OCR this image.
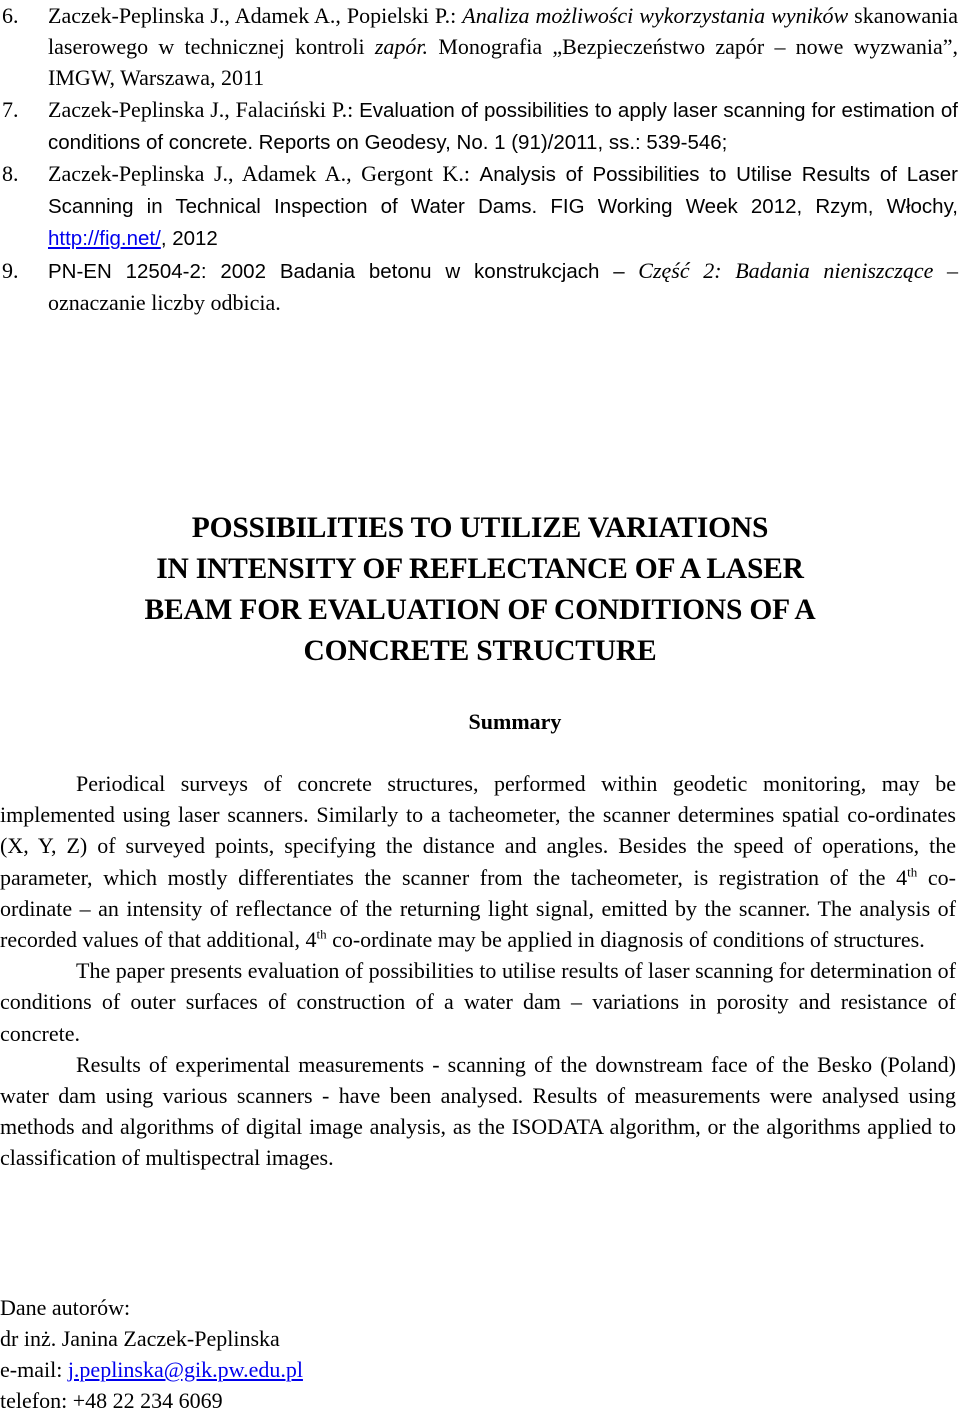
6. Zaczek-Peplinska J., Adamek A., Popielski P.: Analiza możliwości wykorzystania wyników skanowania laserowego w technicznej kontroli zapór. Monografia „Bezpieczeństwo zapór – nowe wyzwania”, IMGW, Warszawa, 2011
7. Zaczek-Peplinska J., Falaciński P.: Evaluation of possibilities to apply laser scanning for estimation of conditions of concrete. Reports on Geodesy, No. 1 (91)/2011, ss.: 539-546;
8. Zaczek-Peplinska J., Adamek A., Gergont K.: Analysis of Possibilities to Utilise Results of Laser Scanning in Technical Inspection of Water Dams. FIG Working Week 2012, Rzym, Włochy, http://fig.net/, 2012
9. PN-EN 12504-2: 2002 Badania betonu w konstrukcjach – Część 2: Badania nieniszczące – oznaczanie liczby odbicia.
POSSIBILITIES TO UTILIZE VARIATIONS
IN INTENSITY OF REFLECTANCE OF A LASER
BEAM FOR EVALUATION OF CONDITIONS OF A
CONCRETE STRUCTURE
Summary

Periodical surveys of concrete structures, performed within geodetic monitoring, may be implemented using laser scanners. Similarly to a tacheometer, the scanner determines spatial co-ordinates (X, Y, Z) of surveyed points, specifying the distance and angles. Besides the speed of operations, the parameter, which mostly differentiates the scanner from the tacheometer, is registration of the 4th co-ordinate – an intensity of reflectance of the returning light signal, emitted by the scanner. The analysis of recorded values of that additional, 4th co-ordinate may be applied in diagnosis of conditions of structures.

The paper presents evaluation of possibilities to utilise results of laser scanning for determination of conditions of outer surfaces of construction of a water dam – variations in porosity and resistance of concrete.

Results of experimental measurements - scanning of the downstream face of the Besko (Poland) water dam using various scanners - have been analysed. Results of measurements were analysed using methods and algorithms of digital image analysis, as the ISODATA algorithm, or the algorithms applied to classification of multispectral images.

Dane autorów:
dr inż. Janina Zaczek-Peplinska
e-mail: j.peplinska@gik.pw.edu.pl
telefon: +48 22 234 6069
